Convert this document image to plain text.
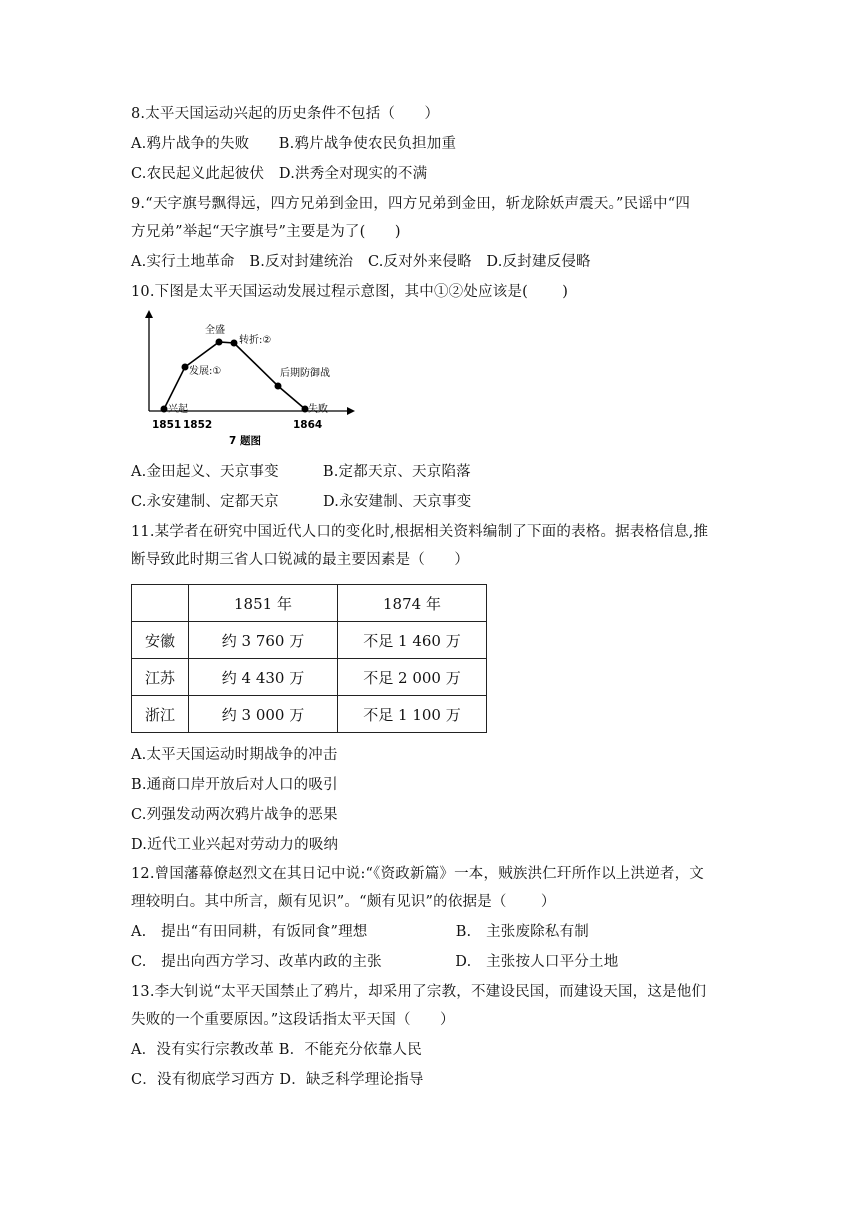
8.太平天国运动兴起的历史条件不包括（　　）
A.鸦片战争的失败　　B.鸦片战争使农民负担加重
C.农民起义此起彼伏　D.洪秀全对现实的不满
9.“天字旗号飘得远，四方兄弟到金田，四方兄弟到金田，斩龙除妖声震天。”民谣中“四
方兄弟”举起“天字旗号”主要是为了(　　)
A.实行土地革命　B.反对封建统治　C.反对外来侵略　D.反封建反侵略
10.下图是太平天国运动发展过程示意图，其中①②处应该是(　　 )
兴起
发展:①
全盛
转折:②
后期防御战
失败
1851 1852	1864
7 题图
A.金田起义、天京事变　　　B.定都天京、天京陷落
C.永安建制、定都天京　　　D.永安建制、天京事变
11.某学者在研究中国近代人口的变化时,根据相关资料编制了下面的表格。据表格信息,推
断导致此时期三省人口锐减的最主要因素是（　　）
	1851 年	1874 年
安徽	约 3 760 万	不足 1 460 万
江苏	约 4 430 万	不足 2 000 万
浙江	约 3 000 万	不足 1 100 万
A.太平天国运动时期战争的冲击
B.通商口岸开放后对人口的吸引
C.列强发动两次鸦片战争的恶果
D.近代工业兴起对劳动力的吸纳
12.曾国藩幕僚赵烈文在其日记中说:“《资政新篇》一本，贼族洪仁玕所作以上洪逆者，文
理较明白。其中所言，颇有见识”。“颇有见识”的依据是（　　 ）
A.　提出“有田同耕，有饭同食”理想　　　　　　B.　主张废除私有制
C.　提出向西方学习、改革内政的主张　　　　　D.　主张按人口平分土地
13.李大钊说“太平天国禁止了鸦片，却采用了宗教，不建设民国，而建设天国，这是他们
失败的一个重要原因。”这段话指太平天国（　　）
A．没有实行宗教改革 B．不能充分依靠人民
C．没有彻底学习西方 D．缺乏科学理论指导
